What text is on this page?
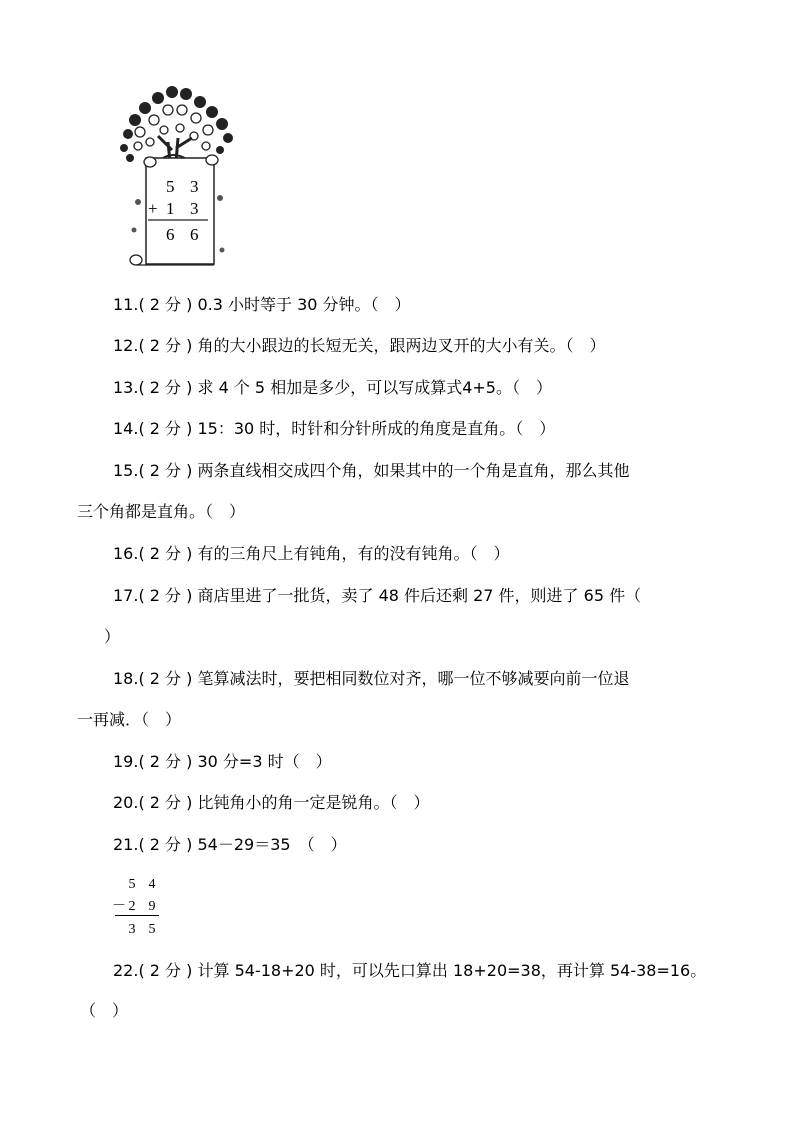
5 3
+ 1 3
6 6
11.( 2 分 ) 0.3 小时等于 30 分钟。（　）
12.( 2 分 ) 角的大小跟边的长短无关，跟两边叉开的大小有关。（　）
13.( 2 分 ) 求 4 个 5 相加是多少，可以写成算式4+5。（　）
14.( 2 分 ) 15：30 时，时针和分针所成的角度是直角。（　）
15.( 2 分 ) 两条直线相交成四个角，如果其中的一个角是直角，那么其他
三个角都是直角。（　）
16.( 2 分 ) 有的三角尺上有钝角，有的没有钝角。（　）
17.( 2 分 ) 商店里进了一批货，卖了 48 件后还剩 27 件，则进了 65 件（
）
18.( 2 分 ) 笔算减法时，要把相同数位对齐，哪一位不够减要向前一位退
一再减．（　）
19.( 2 分 ) 30 分=3 时（　）
20.( 2 分 ) 比钝角小的角一定是锐角。（　）
21.( 2 分 ) 54－29＝35　（　）
5 4
－ 2 9
3 5
22.( 2 分 ) 计算 54-18+20 时，可以先口算出 18+20=38，再计算 54-38=16。
（　）
